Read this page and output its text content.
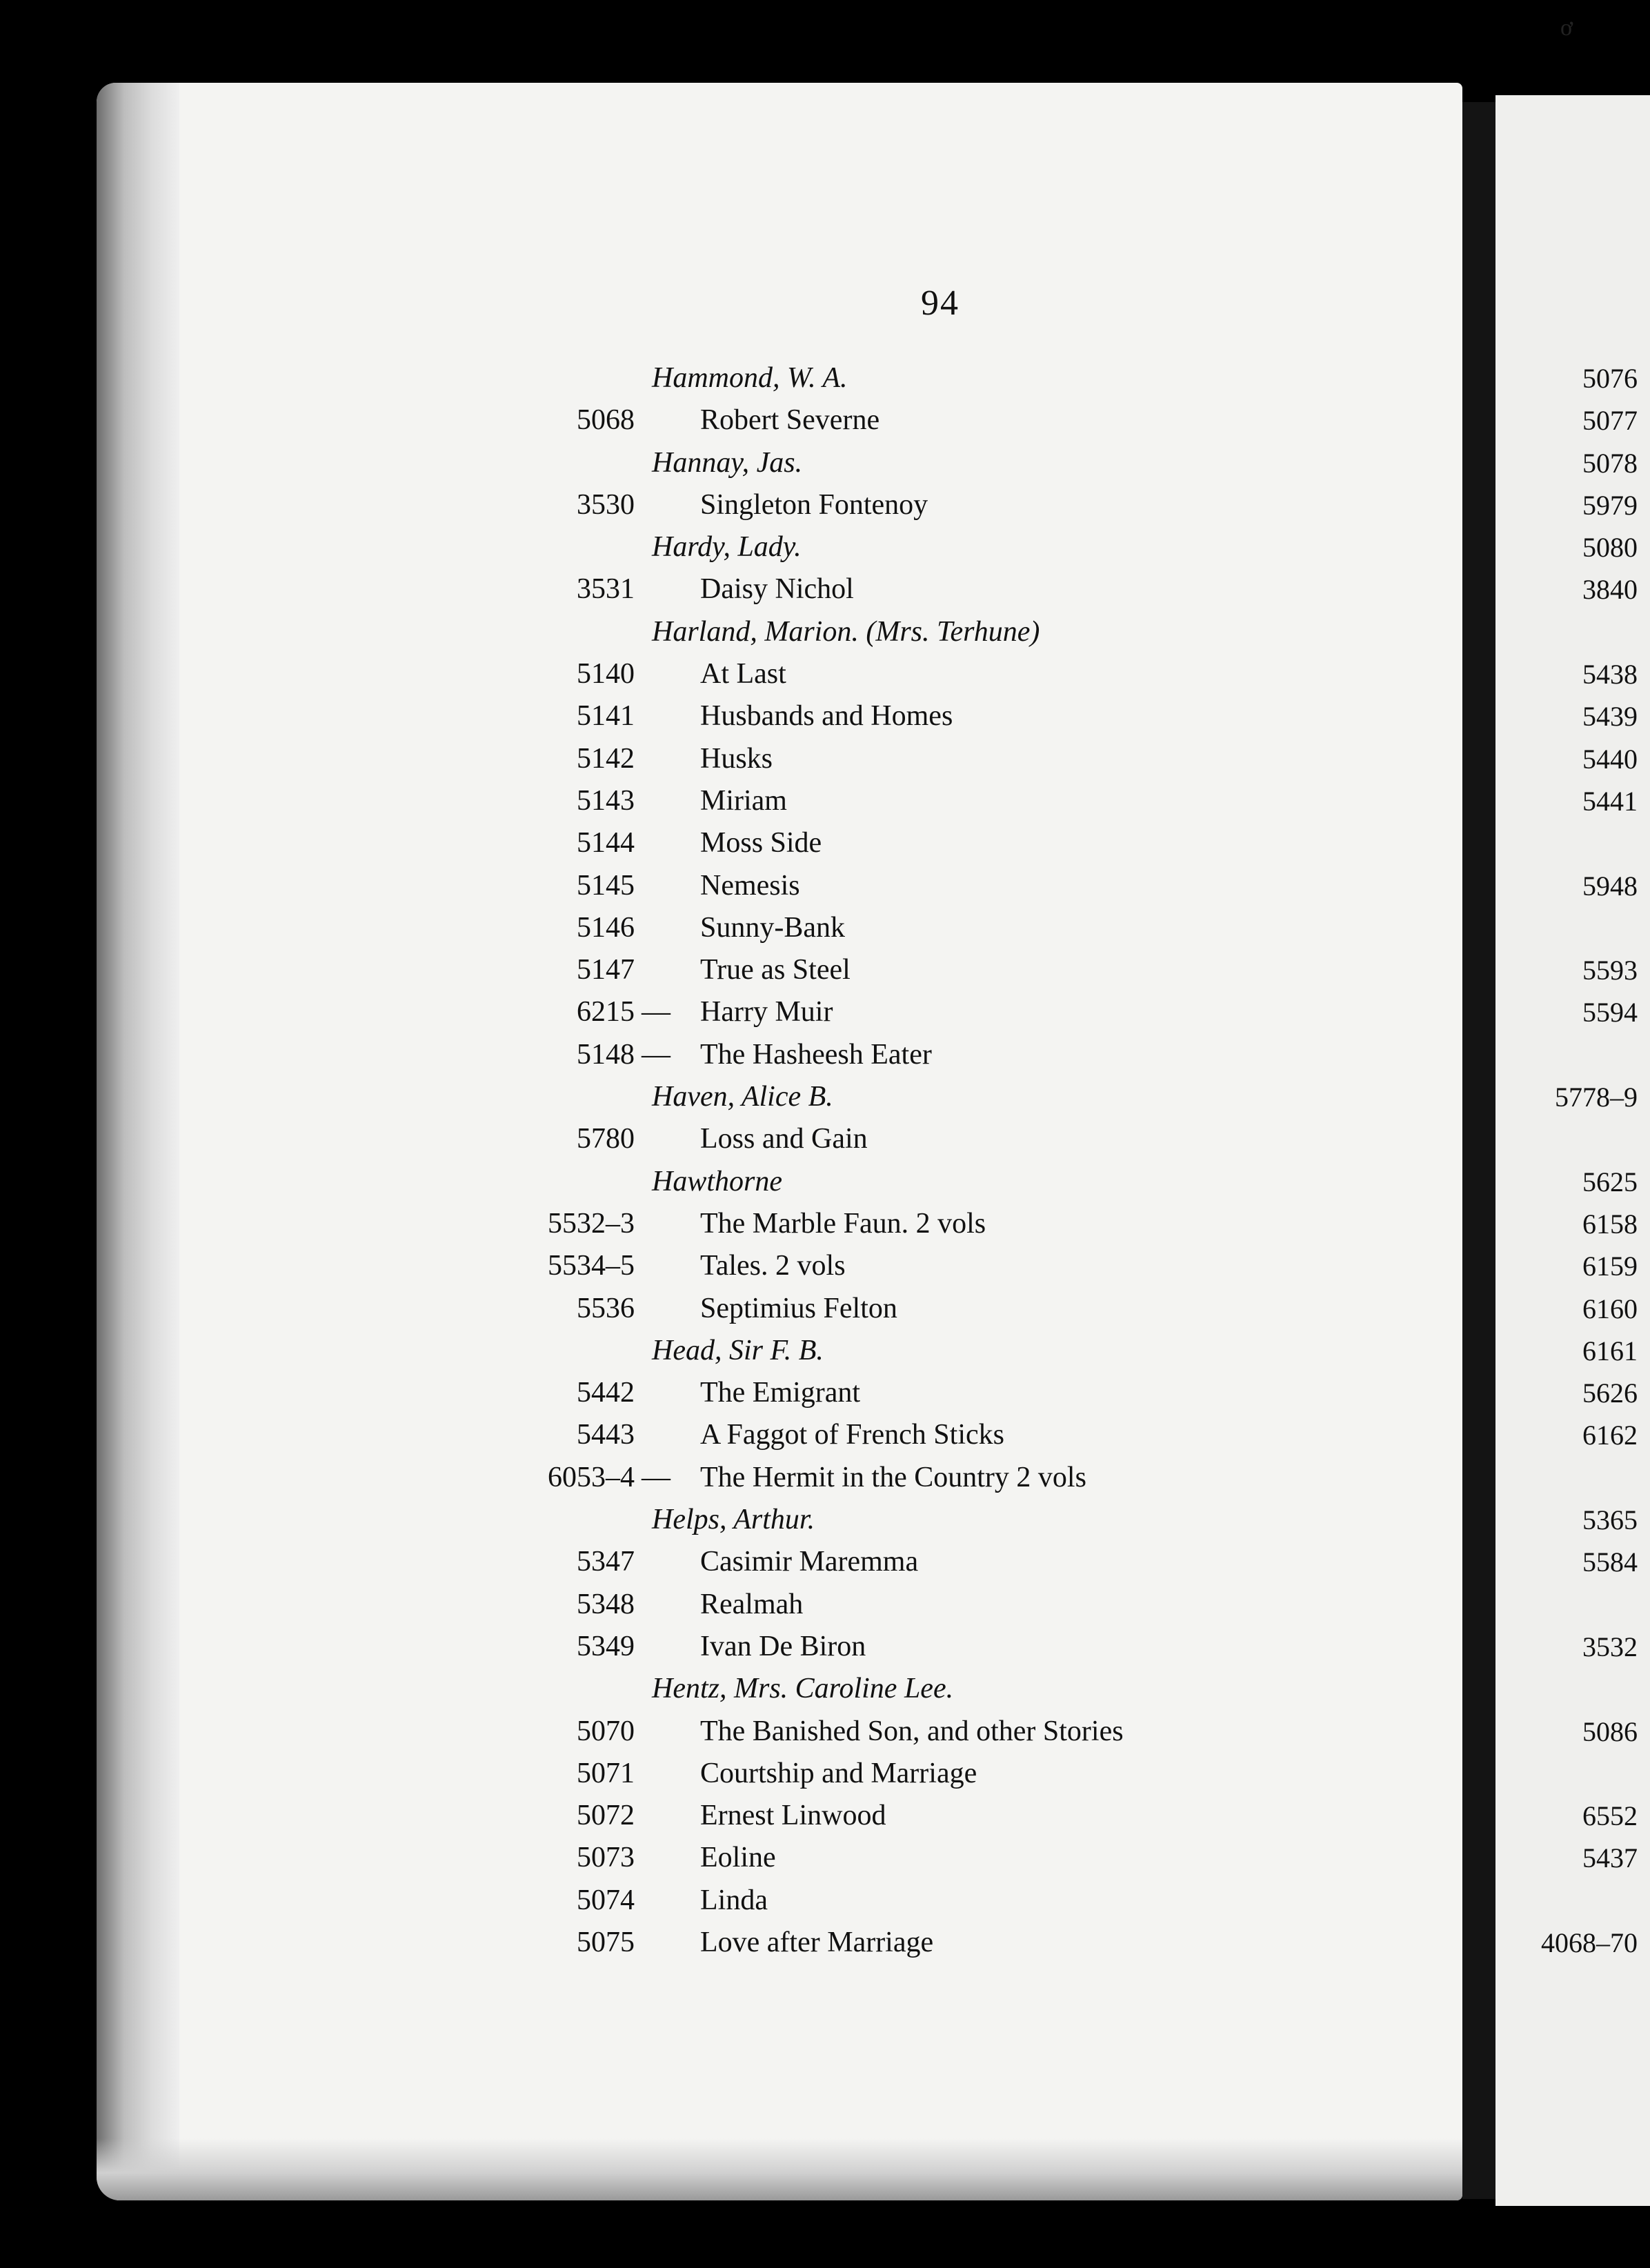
94
Hammond, W. A.
5068 Robert Severne
Hannay, Jas.
3530 Singleton Fontenoy
Hardy, Lady.
3531 Daisy Nichol
Harland, Marion. (Mrs. Terhune)
5140 At Last
5141 Husbands and Homes
5142 Husks
5143 Miriam
5144 Moss Side
5145 Nemesis
5146 Sunny-Bank
5147 True as Steel
6215 — Harry Muir
5148 — The Hasheesh Eater
Haven, Alice B.
5780 Loss and Gain
Hawthorne
5532–3 The Marble Faun. 2 vols
5534–5 Tales. 2 vols
5536 Septimius Felton
Head, Sir F. B.
5442 The Emigrant
5443 A Faggot of French Sticks
6053–4 — The Hermit in the Country 2 vols
Helps, Arthur.
5347 Casimir Maremma
5348 Realmah
5349 Ivan De Biron
Hentz, Mrs. Caroline Lee.
5070 The Banished Son, and other Stories
5071 Courtship and Marriage
5072 Ernest Linwood
5073 Eoline
5074 Linda
5075 Love after Marriage
5076
5077
5078
5979
5080
3840
5438
5439
5440
5441
5948
5593
5594
5778–9
5625
6158
6159
6160
6161
5626
6162
5365
5584
3532
5086
6552
5437
4068–70
ơ
